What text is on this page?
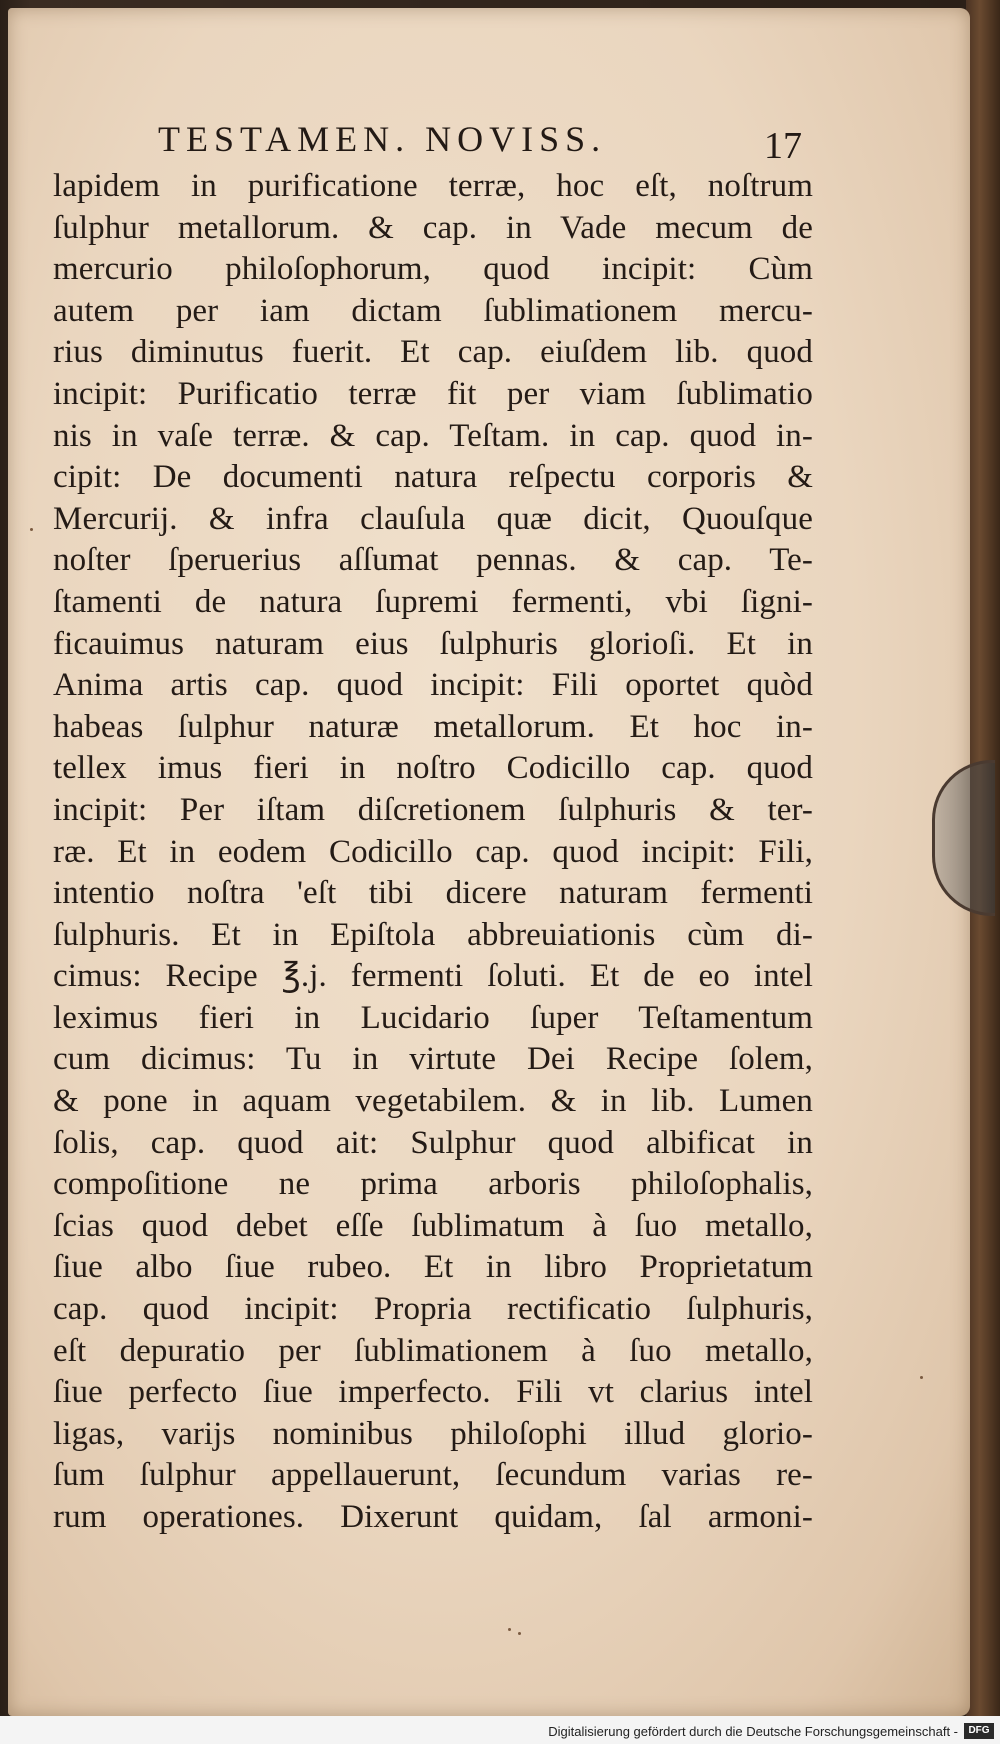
TESTAMEN. NOVISS.	17
lapidem in purificatione terræ, hoc eſt, noſtrum
ſulphur metallorum. & cap. in Vade mecum de
mercurio philoſophorum, quod incipit: Cùm
autem per iam dictam ſublimationem mercu-
rius diminutus fuerit. Et cap. eiuſdem lib. quod
incipit: Purificatio terræ fit per viam ſublimatio
nis in vaſe terræ. & cap. Teſtam. in cap. quod in-
cipit: De documenti natura reſpectu corporis &
Mercurij. & infra clauſula quæ dicit, Quouſque
noſter ſperuerius aſſumat pennas. & cap. Te-
ſtamenti de natura ſupremi fermenti, vbi ſigni-
ficauimus naturam eius ſulphuris glorioſi. Et in
Anima artis cap. quod incipit: Fili oportet quòd
habeas ſulphur naturæ metallorum. Et hoc in-
tellex imus fieri in noſtro Codicillo cap. quod
incipit: Per iſtam diſcretionem ſulphuris & ter-
ræ. Et in eodem Codicillo cap. quod incipit: Fili,
intentio noſtra 'eſt tibi dicere naturam fermenti
ſulphuris. Et in Epiſtola abbreuiationis cùm di-
cimus: Recipe ℥.j. fermenti ſoluti. Et de eo intel
leximus fieri in Lucidario ſuper Teſtamentum
cum dicimus: Tu in virtute Dei Recipe ſolem,
& pone in aquam vegetabilem. & in lib. Lumen
ſolis, cap. quod ait: Sulphur quod albificat in
compoſitione ne prima arboris philoſophalis,
ſcias quod debet eſſe ſublimatum à ſuo metallo,
ſiue albo ſiue rubeo. Et in libro Proprietatum
cap. quod incipit: Propria rectificatio ſulphuris,
eſt depuratio per ſublimationem à ſuo metallo,
ſiue perfecto ſiue imperfecto. Fili vt clarius intel
ligas, varijs nominibus philoſophi illud glorio-
ſum ſulphur appellauerunt, ſecundum varias re-
rum operationes. Dixerunt quidam, ſal armoni-
Digitalisierung gefördert durch die Deutsche Forschungsgemeinschaft -	DFG
